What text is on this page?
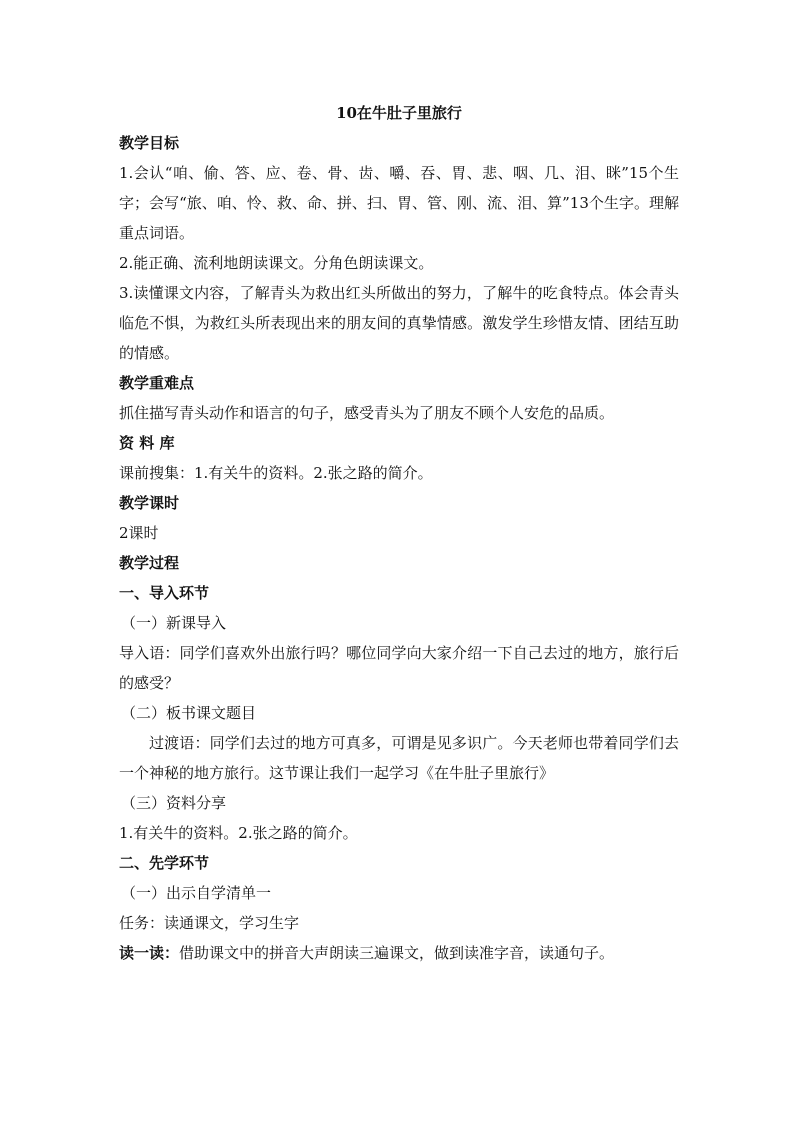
10在牛肚子里旅行

教学目标

1.会认“咱、偷、答、应、卷、骨、齿、嚼、吞、胃、悲、咽、几、泪、眯”15个生字；会写“旅、咱、怜、救、命、拼、扫、胃、管、刚、流、泪、算”13个生字。理解重点词语。

2.能正确、流利地朗读课文。分角色朗读课文。

3.读懂课文内容，了解青头为救出红头所做出的努力，了解牛的吃食特点。体会青头临危不惧，为救红头所表现出来的朋友间的真挚情感。激发学生珍惜友情、团结互助的情感。

教学重难点

抓住描写青头动作和语言的句子，感受青头为了朋友不顾个人安危的品质。

资 料 库

课前搜集：1.有关牛的资料。2.张之路的简介。

教学课时

2课时

教学过程

一、导入环节

（一）新课导入

导入语：同学们喜欢外出旅行吗？哪位同学向大家介绍一下自己去过的地方，旅行后的感受？

（二）板书课文题目

过渡语：同学们去过的地方可真多，可谓是见多识广。今天老师也带着同学们去一个神秘的地方旅行。这节课让我们一起学习《在牛肚子里旅行》

（三）资料分享

1.有关牛的资料。2.张之路的简介。

二、先学环节

（一）出示自学清单一

任务：读通课文，学习生字

读一读：借助课文中的拼音大声朗读三遍课文，做到读准字音，读通句子。
